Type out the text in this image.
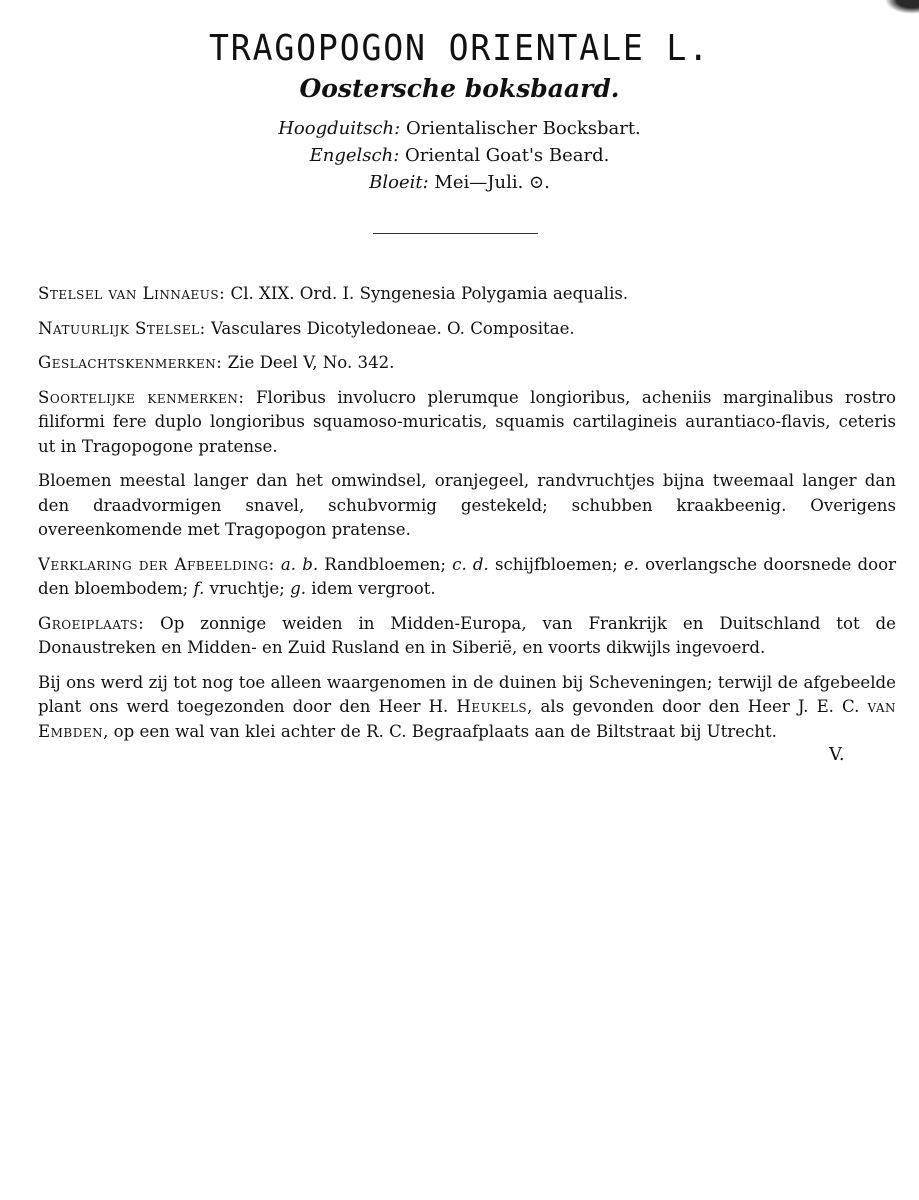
TRAGOPOGON ORIENTALE L.
Oostersche boksbaard.
Hoogduitsch: Orientalischer Bocksbart.
Engelsch: Oriental Goat's Beard.
Bloeit: Mei—Juli. ⊙.

Stelsel van Linnaeus: Cl. XIX. Ord. I. Syngenesia Polygamia aequalis.

Natuurlijk Stelsel: Vasculares Dicotyledoneae. O. Compositae.

Geslachtskenmerken: Zie Deel V, No. 342.

Soortelijke kenmerken: Floribus involucro plerumque longioribus, acheniis marginalibus rostro filiformi fere duplo longioribus squamoso-muricatis, squamis cartilagineis aurantiaco-flavis, ceteris ut in Tragopogone pratense.

Bloemen meestal langer dan het omwindsel, oranjegeel, randvruchtjes bijna tweemaal langer dan den draadvormigen snavel, schubvormig gestekeld; schubben kraakbeenig. Overigens overeenkomende met Tragopogon pratense.

Verklaring der Afbeelding: a. b. Randbloemen; c. d. schijfbloemen; e. overlangsche doorsnede door den bloembodem; f. vruchtje; g. idem vergroot.

Groeiplaats: Op zonnige weiden in Midden-Europa, van Frankrijk en Duitschland tot de Donaustreken en Midden- en Zuid Rusland en in Siberië, en voorts dikwijls ingevoerd.

Bij ons werd zij tot nog toe alleen waargenomen in de duinen bij Scheveningen; terwijl de afgebeelde plant ons werd toegezonden door den Heer H. Heukels, als gevonden door den Heer J. E. C. van Embden, op een wal van klei achter de R. C. Begraafplaats aan de Biltstraat bij Utrecht.

V.
